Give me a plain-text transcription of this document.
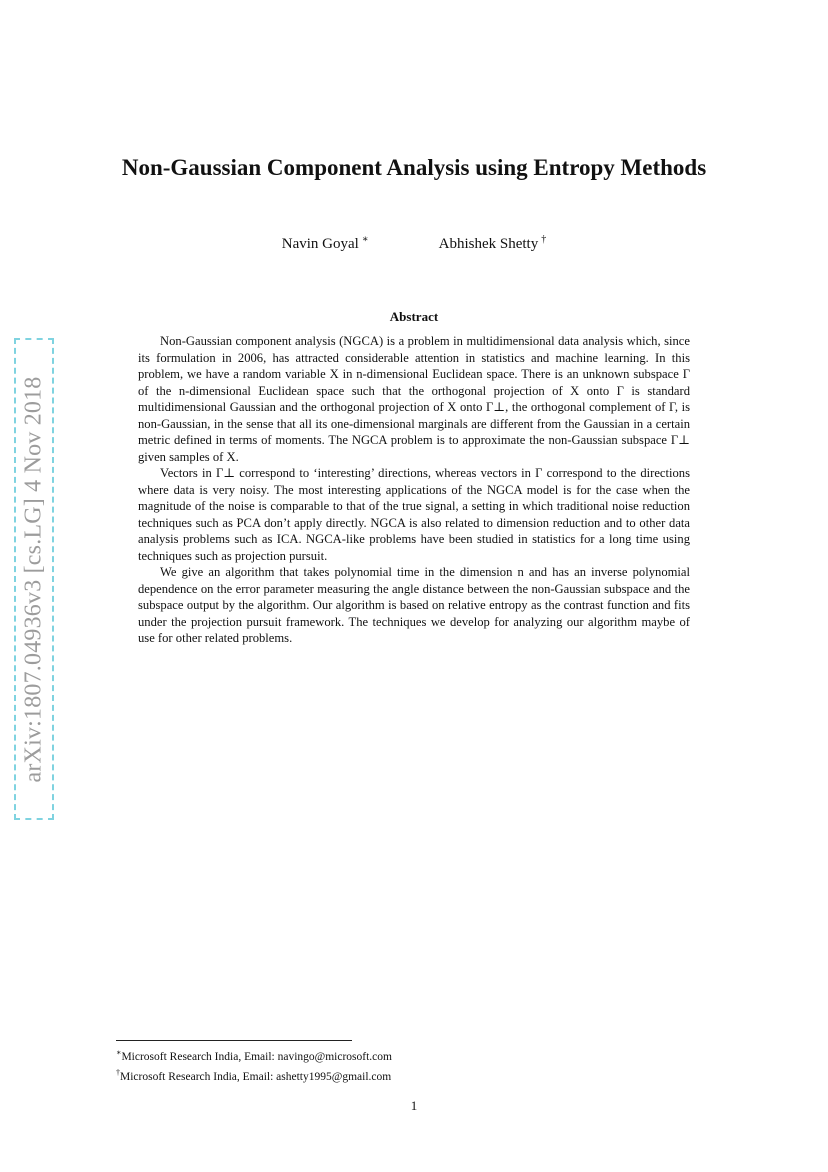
arXiv:1807.04936v3 [cs.LG] 4 Nov 2018
Non-Gaussian Component Analysis using Entropy Methods
Navin Goyal ∗	Abhishek Shetty †
Abstract

Non-Gaussian component analysis (NGCA) is a problem in multidimensional data analysis which, since its formulation in 2006, has attracted considerable attention in statistics and machine learning. In this problem, we have a random variable X in n-dimensional Euclidean space. There is an unknown subspace Γ of the n-dimensional Euclidean space such that the orthogonal projection of X onto Γ is standard multidimensional Gaussian and the orthogonal projection of X onto Γ⊥, the orthogonal complement of Γ, is non-Gaussian, in the sense that all its one-dimensional marginals are different from the Gaussian in a certain metric defined in terms of moments. The NGCA problem is to approximate the non-Gaussian subspace Γ⊥ given samples of X.

Vectors in Γ⊥ correspond to ‘interesting’ directions, whereas vectors in Γ correspond to the directions where data is very noisy. The most interesting applications of the NGCA model is for the case when the magnitude of the noise is comparable to that of the true signal, a setting in which traditional noise reduction techniques such as PCA don’t apply directly. NGCA is also related to dimension reduction and to other data analysis problems such as ICA. NGCA-like problems have been studied in statistics for a long time using techniques such as projection pursuit.

We give an algorithm that takes polynomial time in the dimension n and has an inverse polynomial dependence on the error parameter measuring the angle distance between the non-Gaussian subspace and the subspace output by the algorithm. Our algorithm is based on relative entropy as the contrast function and fits under the projection pursuit framework. The techniques we develop for analyzing our algorithm maybe of use for other related problems.

∗Microsoft Research India, Email: navingo@microsoft.com
†Microsoft Research India, Email: ashetty1995@gmail.com
1
